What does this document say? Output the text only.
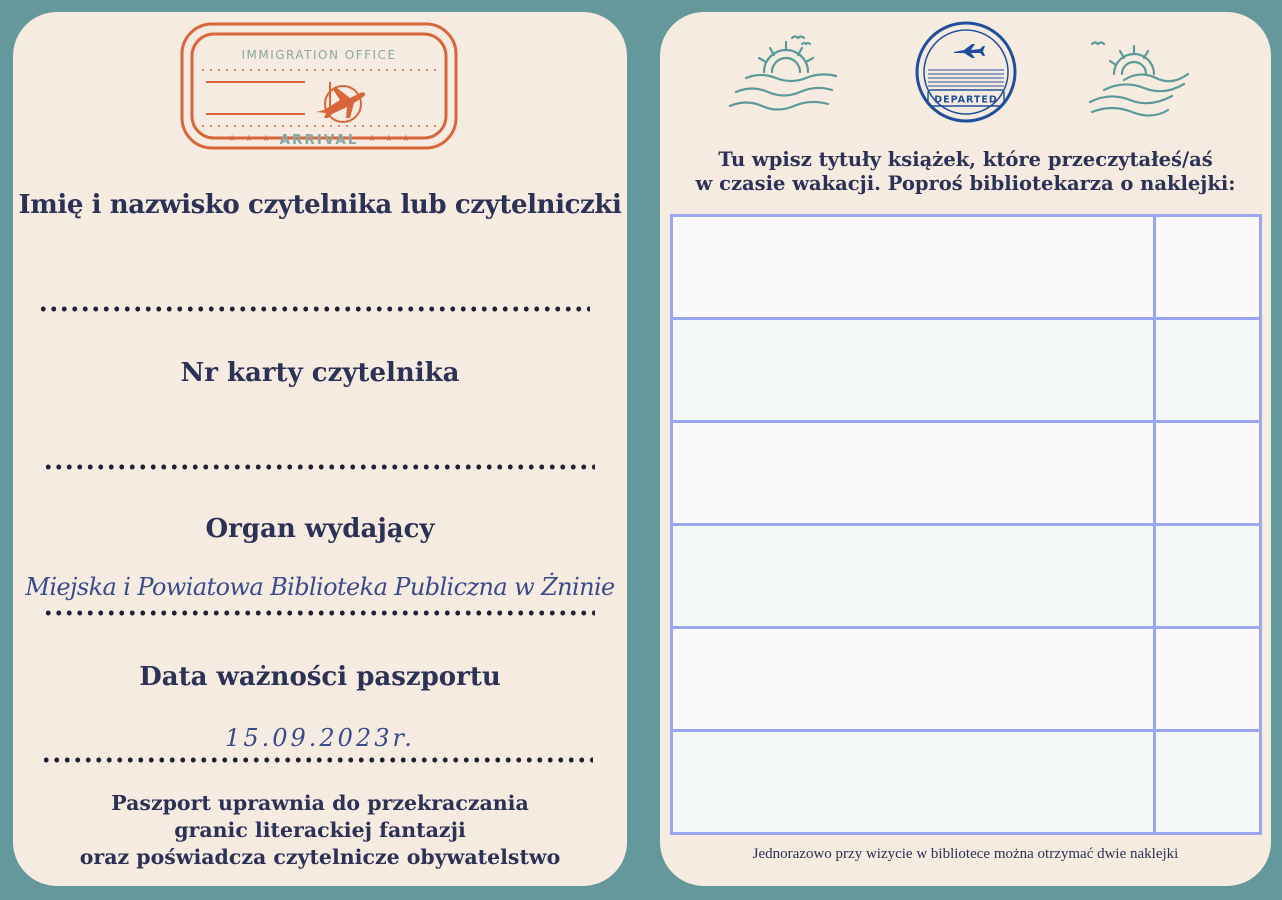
IMMIGRATION OFFICE
★ ★ ★ ARRIVAL	★ ★ ★
Imię i nazwisko czytelnika lub czytelniczki
Nr karty czytelnika
Organ wydający
Miejska i Powiatowa Biblioteka Publiczna w Żninie
Data ważności paszportu
15.09.2023r.
Paszport uprawnia do przekraczania
granic literackiej fantazji
oraz poświadcza czytelnicze obywatelstwo
DEPARTED
Tu wpisz tytuły książek, które przeczytałeś/aś
w czasie wakacji. Poproś bibliotekarza o naklejki:

Jednorazowo przy wizycie w bibliotece można otrzymać dwie naklejki
